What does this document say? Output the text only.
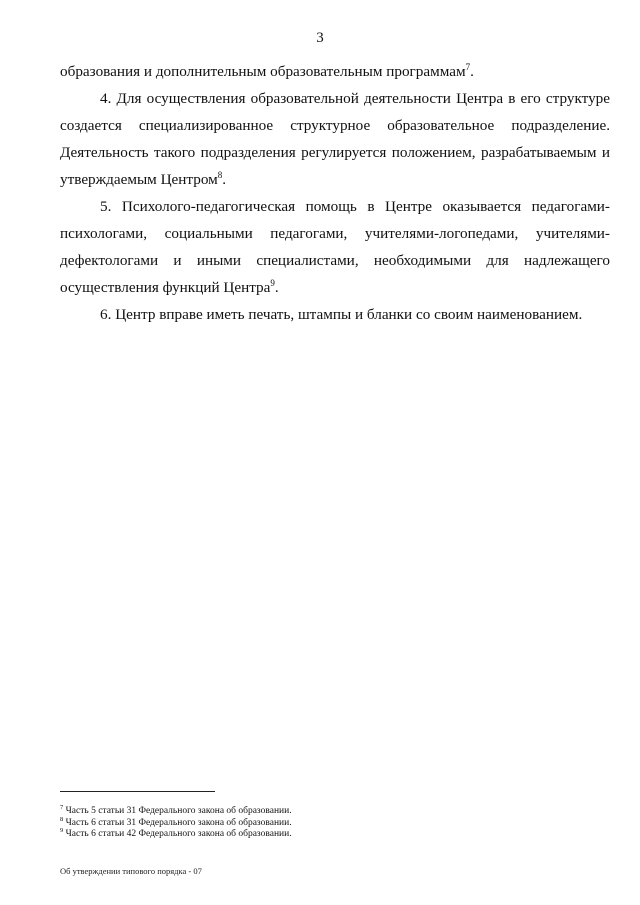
3

образования и дополнительным образовательным программам$^7$.

4. Для осуществления образовательной деятельности Центра в его структуре создается специализированное структурное образовательное подразделение. Деятельность такого подразделения регулируется положением, разрабатываемым и утверждаемым Центром$^8$.

5. Психолого-педагогическая помощь в Центре оказывается педагогами-психологами, социальными педагогами, учителями-логопедами, учителями-дефектологами и иными специалистами, необходимыми для надлежащего осуществления функций Центра$^9$.

6. Центр вправе иметь печать, штампы и бланки со своим наименованием.

$^7$ Часть 5 статьи 31 Федерального закона об образовании.

$^8$ Часть 6 статьи 31 Федерального закона об образовании.

$^9$ Часть 6 статьи 42 Федерального закона об образовании.

Об утверждении типового порядка - 07
